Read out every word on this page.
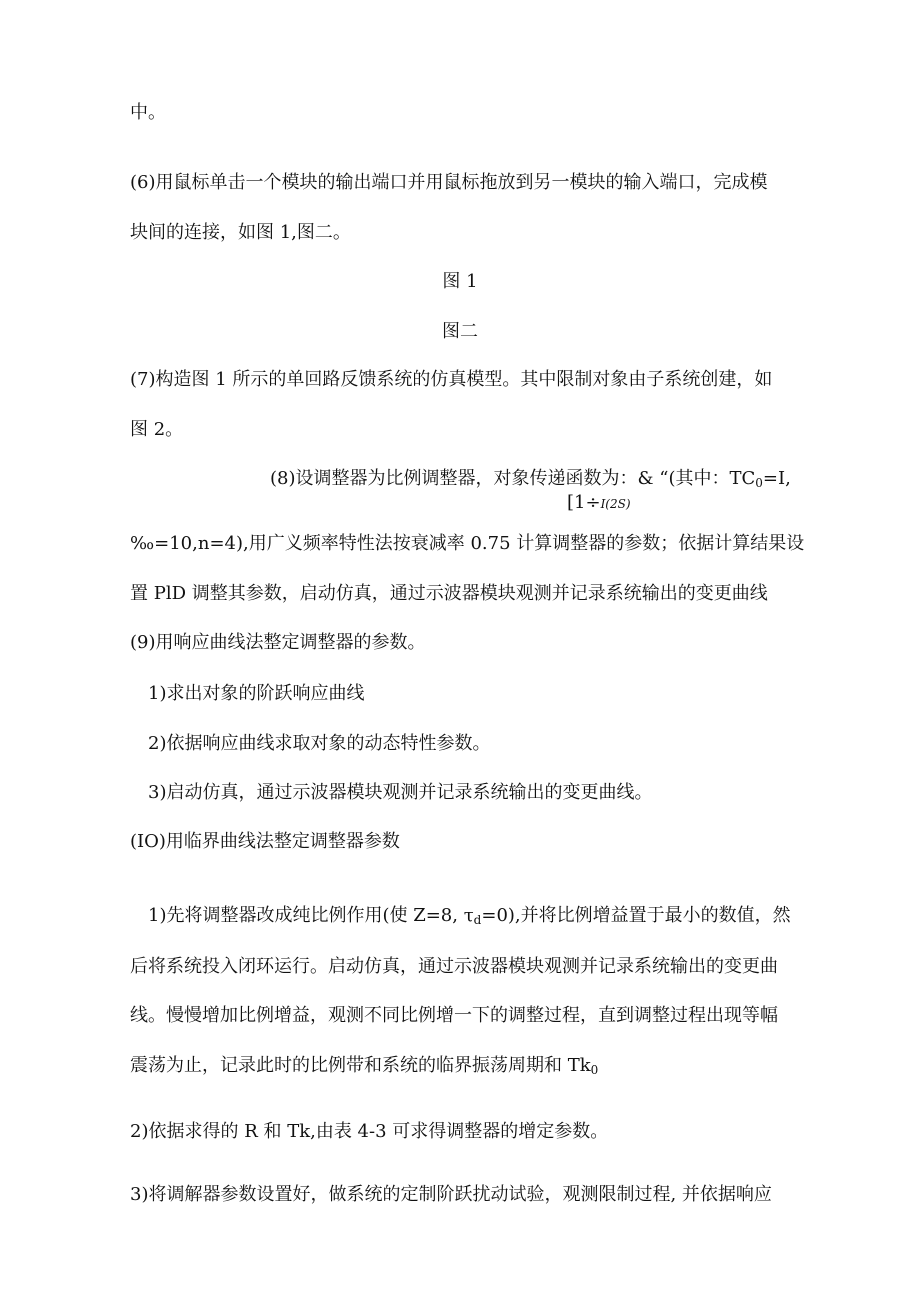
中。

(6)用鼠标单击一个模块的输出端口并用鼠标拖放到另一模块的输入端口，完成模

块间的连接，如图 1,图二。

图 1

图二

(7)构造图 1 所示的单回路反馈系统的仿真模型。其中限制对象由子系统创建，如

图 2。

(8)设调整器为比例调整器，对象传递函数为：& “(其中：$TC_0=I$,

[1÷I(2S)

‰=10,n=4),用广义频率特性法按衰减率 0.75 计算调整器的参数；依据计算结果设

置 PlD 调整其参数，启动仿真，通过示波器模块观测并记录系统输出的变更曲线

(9)用响应曲线法整定调整器的参数。

1)求出对象的阶跃响应曲线

2)依据响应曲线求取对象的动态特性参数。

3)启动仿真，通过示波器模块观测并记录系统输出的变更曲线。

(IO)用临界曲线法整定调整器参数

1)先将调整器改成纯比例作用(使 Z=8, $\tau_d=0$),并将比例增益置于最小的数值，然

后将系统投入闭环运行。启动仿真，通过示波器模块观测并记录系统输出的变更曲

线。慢慢增加比例增益，观测不同比例增一下的调整过程，直到调整过程出现等幅

震荡为止，记录此时的比例带和系统的临界振荡周期和 $Tk_0$

2)依据求得的 R 和 Tk,由表 4-3 可求得调整器的增定参数。

3)将调解器参数设置好，做系统的定制阶跃扰动试验，观测限制过程, 并依据响应
